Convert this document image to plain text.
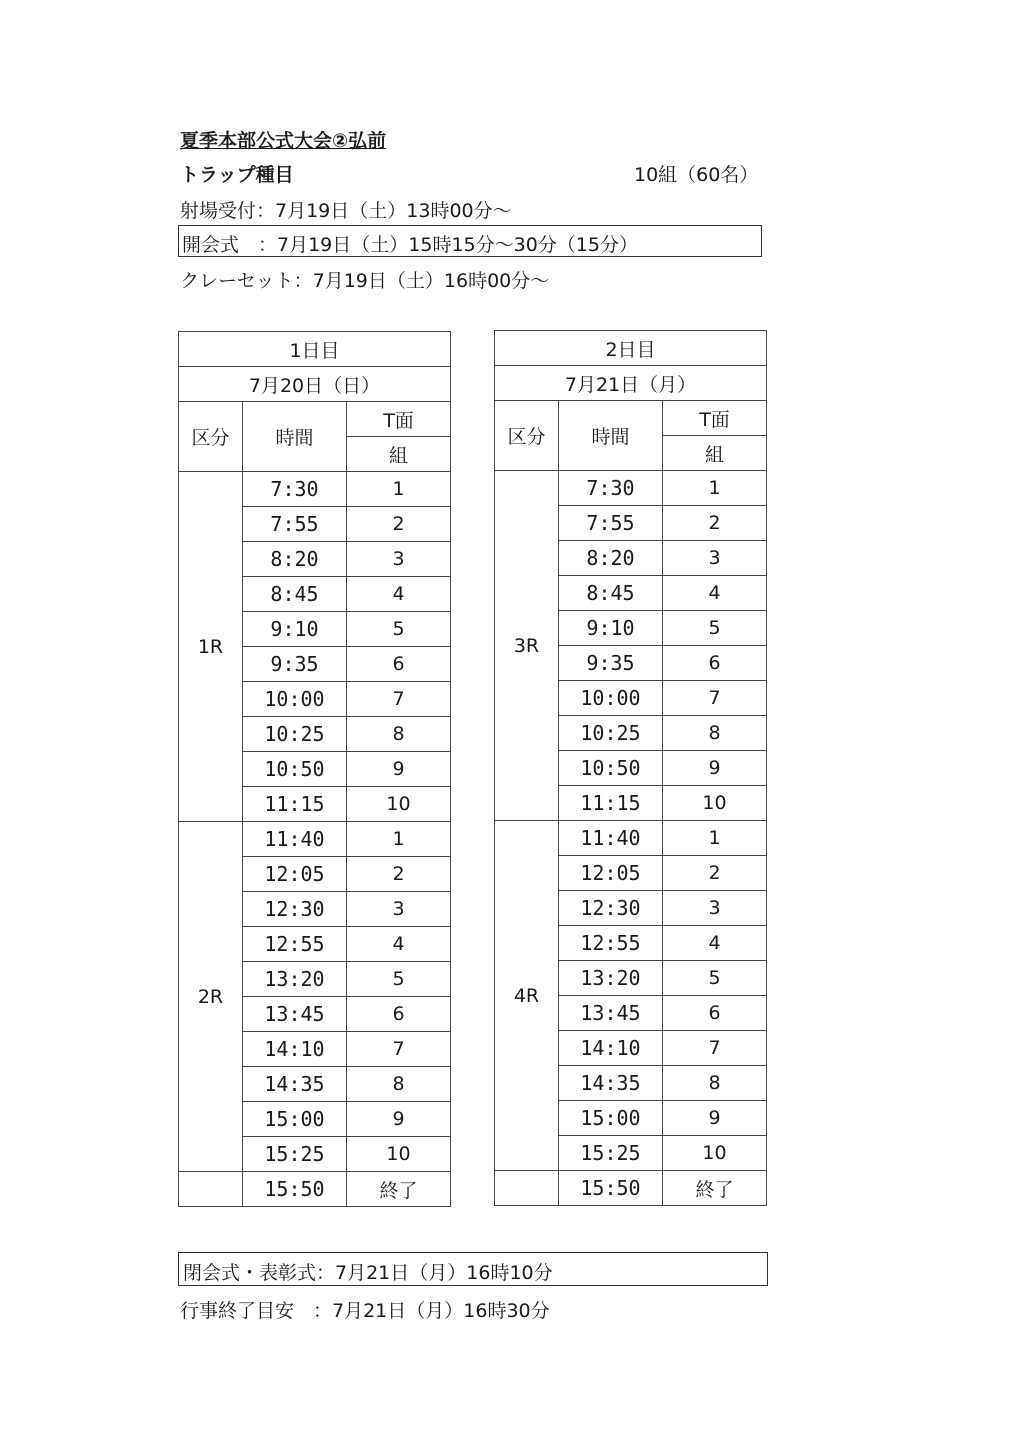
夏季本部公式大会②弘前
トラップ種目	10組（60名）
射場受付：7月19日（土）13時00分～
開会式　：7月19日（土）15時15分～30分（15分）
クレーセット：7月19日（土）16時00分～
1日目		
7月20日（日）		
区分	時間	T面
		組
1R	7:30	1
	7:55	2
	8:20	3
	8:45	4
	9:10	5
	9:35	6
	10:00	7
	10:25	8
	10:50	9
	11:15	10
2R	11:40	1
	12:05	2
	12:30	3
	12:55	4
	13:20	5
	13:45	6
	14:10	7
	14:35	8
	15:00	9
	15:25	10
	15:50	終了
2日目		
7月21日（月）		
区分	時間	T面
		組
3R	7:30	1
	7:55	2
	8:20	3
	8:45	4
	9:10	5
	9:35	6
	10:00	7
	10:25	8
	10:50	9
	11:15	10
4R	11:40	1
	12:05	2
	12:30	3
	12:55	4
	13:20	5
	13:45	6
	14:10	7
	14:35	8
	15:00	9
	15:25	10
	15:50	終了
閉会式・表彰式：7月21日（月）16時10分
行事終了目安　：7月21日（月）16時30分
